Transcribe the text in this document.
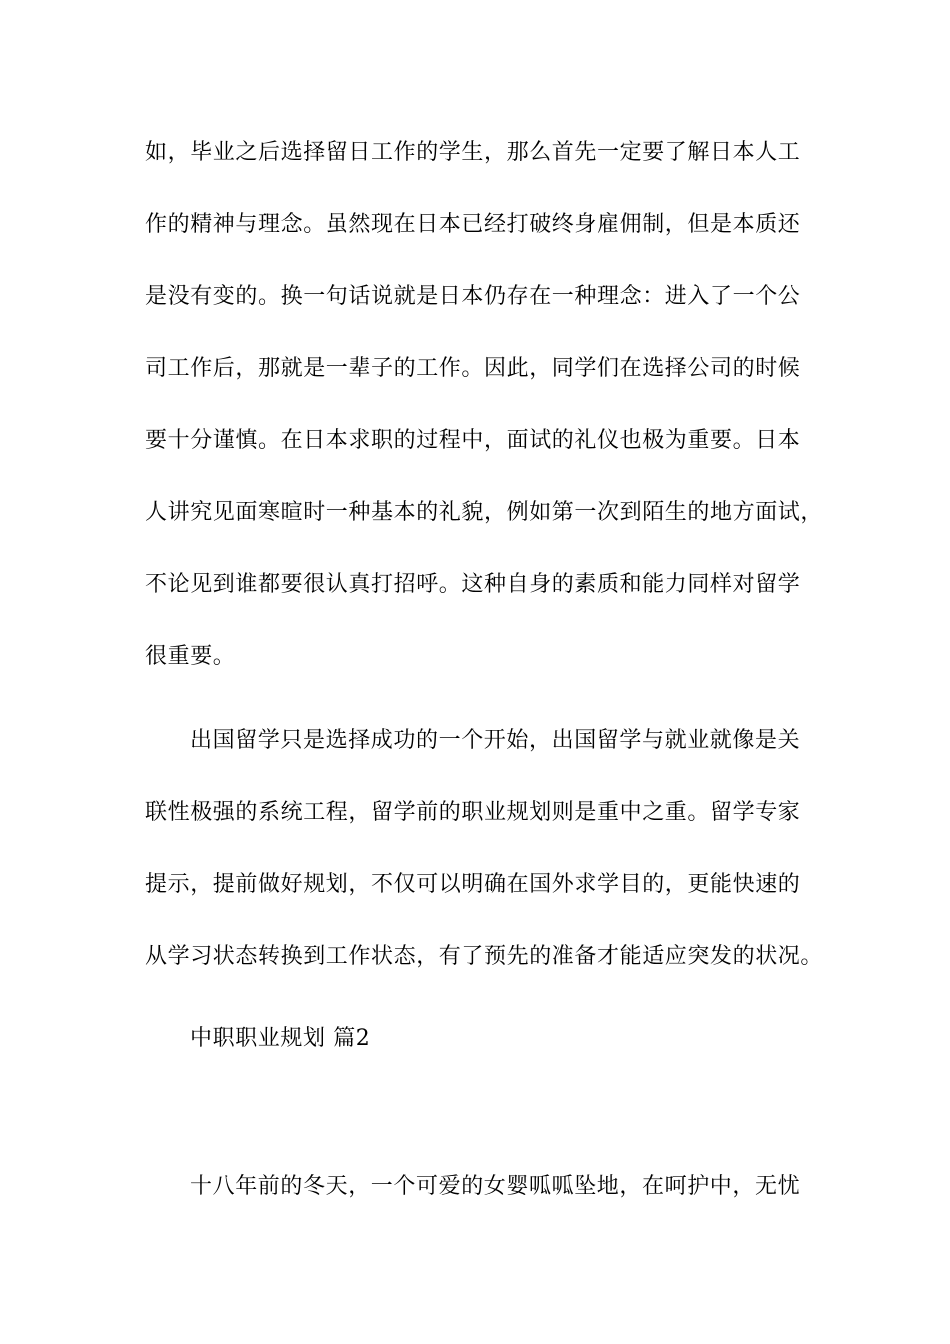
如，毕业之后选择留日工作的学生，那么首先一定要了解日本人工
作的精神与理念。虽然现在日本已经打破终身雇佣制，但是本质还
是没有变的。换一句话说就是日本仍存在一种理念：进入了一个公
司工作后，那就是一辈子的工作。因此，同学们在选择公司的时候
要十分谨慎。在日本求职的过程中，面试的礼仪也极为重要。日本
人讲究见面寒暄时一种基本的礼貌，例如第一次到陌生的地方面试，
不论见到谁都要很认真打招呼。这种自身的素质和能力同样对留学
很重要。
出国留学只是选择成功的一个开始，出国留学与就业就像是关
联性极强的系统工程，留学前的职业规划则是重中之重。留学专家
提示，提前做好规划，不仅可以明确在国外求学目的，更能快速的
从学习状态转换到工作状态，有了预先的准备才能适应突发的状况。
中职职业规划 篇2
十八年前的冬天，一个可爱的女婴呱呱坠地，在呵护中，无忧
